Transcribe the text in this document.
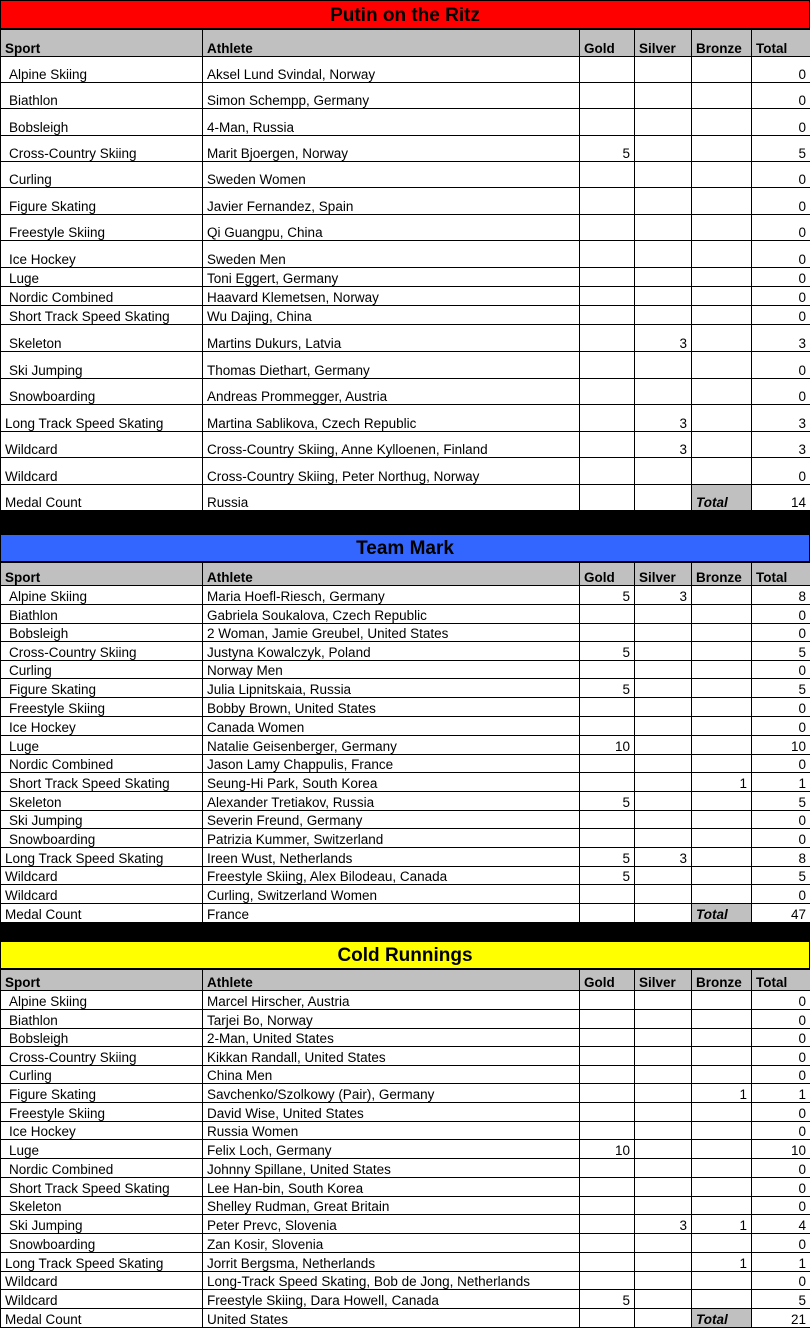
Putin on the Ritz
Sport	Athlete	Gold	Silver	Bronze	Total
Alpine Skiing	Aksel Lund Svindal, Norway				0
Biathlon	Simon Schempp, Germany				0
Bobsleigh	4-Man, Russia				0
Cross-Country Skiing	Marit Bjoergen, Norway	5			5
Curling	Sweden Women				0
Figure Skating	Javier Fernandez, Spain				0
Freestyle Skiing	Qi Guangpu, China				0
Ice Hockey	Sweden Men				0
Luge	Toni Eggert, Germany				0
Nordic Combined	Haavard Klemetsen, Norway				0
Short Track Speed Skating	Wu Dajing, China				0
Skeleton	Martins Dukurs, Latvia		3		3
Ski Jumping	Thomas Diethart, Germany				0
Snowboarding	Andreas Prommegger, Austria				0
Long Track Speed Skating	Martina Sablikova, Czech Republic		3		3
Wildcard	Cross-Country Skiing, Anne Kylloenen, Finland		3		3
Wildcard	Cross-Country Skiing, Peter Northug, Norway				0
Medal Count	Russia			Total	14
Team Mark
Sport	Athlete	Gold	Silver	Bronze	Total
Alpine Skiing	Maria Hoefl-Riesch, Germany	5	3		8
Biathlon	Gabriela Soukalova, Czech Republic				0
Bobsleigh	2 Woman, Jamie Greubel, United States				0
Cross-Country Skiing	Justyna Kowalczyk, Poland	5			5
Curling	Norway Men				0
Figure Skating	Julia Lipnitskaia, Russia	5			5
Freestyle Skiing	Bobby Brown, United States				0
Ice Hockey	Canada Women				0
Luge	Natalie Geisenberger, Germany	10			10
Nordic Combined	Jason Lamy Chappulis, France				0
Short Track Speed Skating	Seung-Hi Park, South Korea			1	1
Skeleton	Alexander Tretiakov, Russia	5			5
Ski Jumping	Severin Freund, Germany				0
Snowboarding	Patrizia Kummer, Switzerland				0
Long Track Speed Skating	Ireen Wust, Netherlands	5	3		8
Wildcard	Freestyle Skiing, Alex Bilodeau, Canada	5			5
Wildcard	Curling, Switzerland Women				0
Medal Count	France			Total	47
Cold Runnings
Sport	Athlete	Gold	Silver	Bronze	Total
Alpine Skiing	Marcel Hirscher, Austria				0
Biathlon	Tarjei Bo, Norway				0
Bobsleigh	2-Man, United States				0
Cross-Country Skiing	Kikkan Randall, United States				0
Curling	China Men				0
Figure Skating	Savchenko/Szolkowy (Pair), Germany			1	1
Freestyle Skiing	David Wise, United States				0
Ice Hockey	Russia Women				0
Luge	Felix Loch, Germany	10			10
Nordic Combined	Johnny Spillane, United States				0
Short Track Speed Skating	Lee Han-bin, South Korea				0
Skeleton	Shelley Rudman, Great Britain				0
Ski Jumping	Peter Prevc, Slovenia		3	1	4
Snowboarding	Zan Kosir, Slovenia				0
Long Track Speed Skating	Jorrit Bergsma, Netherlands			1	1
Wildcard	Long-Track Speed Skating, Bob de Jong, Netherlands				0
Wildcard	Freestyle Skiing, Dara Howell, Canada	5			5
Medal Count	United States			Total	21
